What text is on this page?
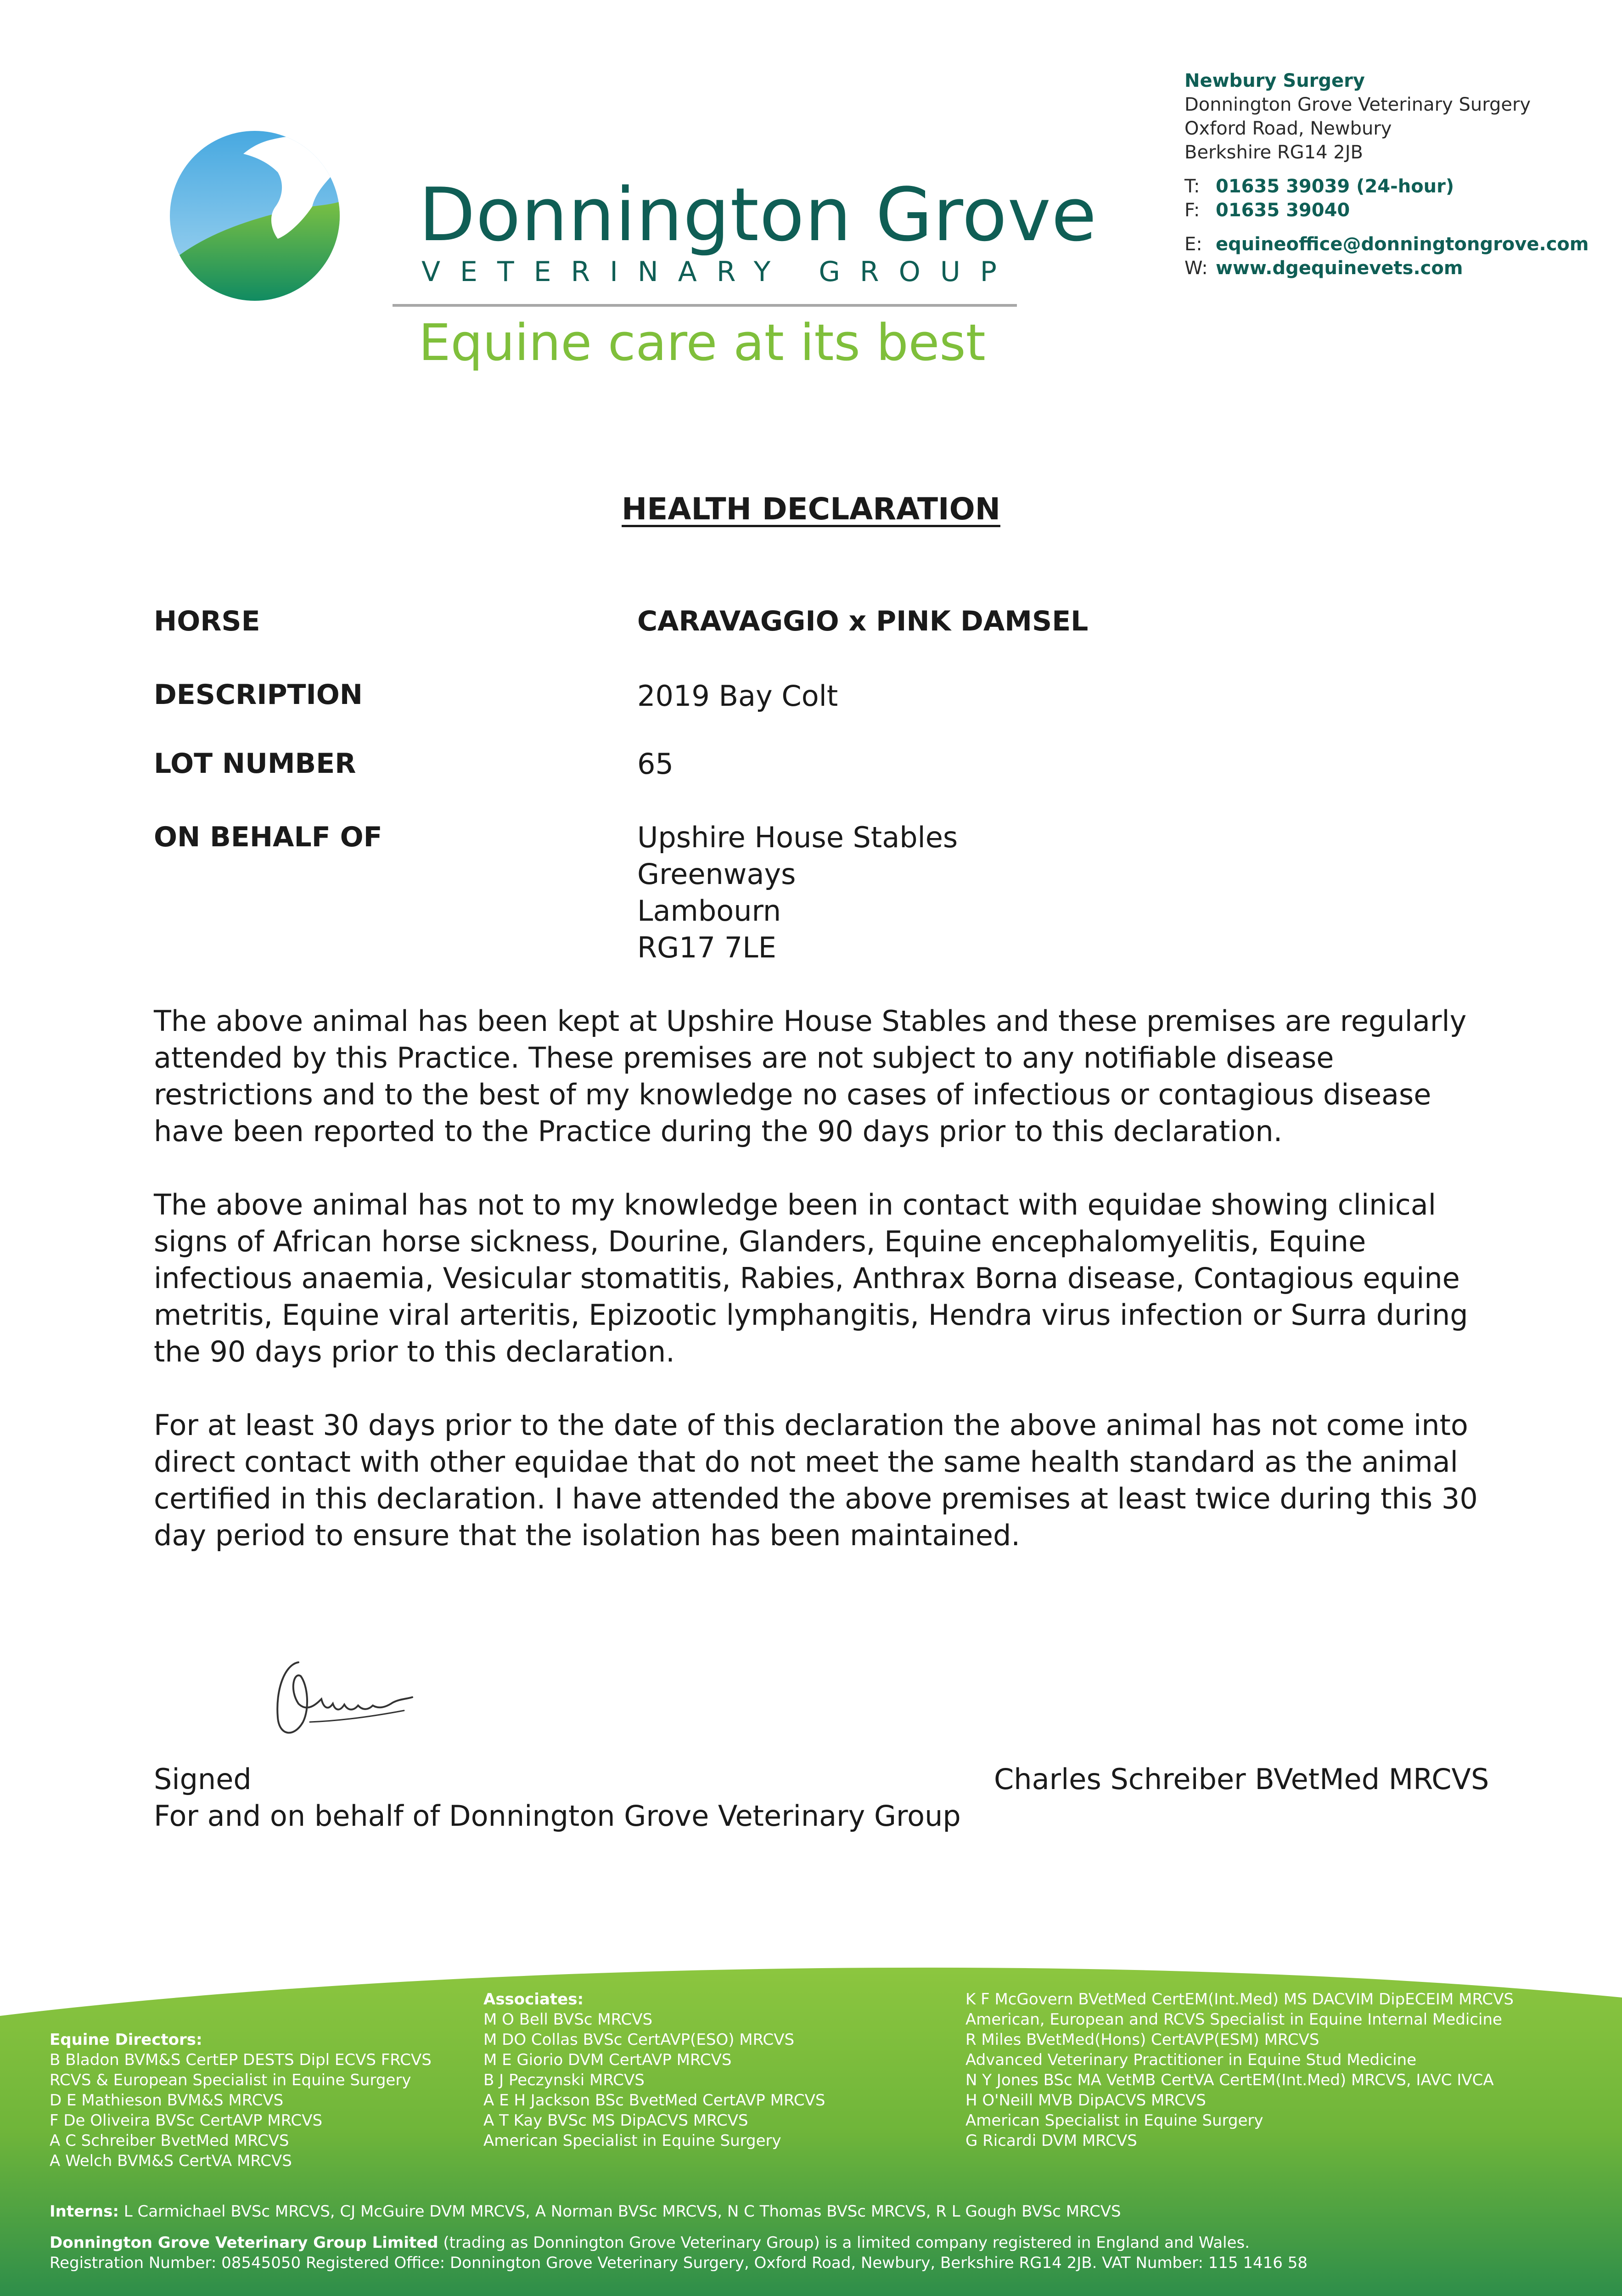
Donnington Grove
VETERINARY GROUP
Equine care at its best
Newbury Surgery
Donnington Grove Veterinary Surgery
Oxford Road, Newbury
Berkshire RG14 2JB
T: 01635 39039 (24-hour)
F: 01635 39040
E: equineoffice@donningtongrove.com
W: www.dgequinevets.com
HEALTH DECLARATION
HORSE	CARAVAGGIO x PINK DAMSEL
DESCRIPTION	2019 Bay Colt
LOT NUMBER	65
ON BEHALF OF	Upshire House Stables
Greenways
Lambourn
RG17 7LE
The above animal has been kept at Upshire House Stables and these premises are regularly attended by this Practice. These premises are not subject to any notifiable disease restrictions and to the best of my knowledge no cases of infectious or contagious disease have been reported to the Practice during the 90 days prior to this declaration.
The above animal has not to my knowledge been in contact with equidae showing clinical signs of African horse sickness, Dourine, Glanders, Equine encephalomyelitis, Equine infectious anaemia, Vesicular stomatitis, Rabies, Anthrax Borna disease, Contagious equine metritis, Equine viral arteritis, Epizootic lymphangitis, Hendra virus infection or Surra during the 90 days prior to this declaration.
For at least 30 days prior to the date of this declaration the above animal has not come into direct contact with other equidae that do not meet the same health standard as the animal certified in this declaration. I have attended the above premises at least twice during this 30 day period to ensure that the isolation has been maintained.
Signed
For and on behalf of Donnington Grove Veterinary Group
Charles Schreiber BVetMed MRCVS
Equine Directors:
B Bladon BVM&S CertEP DESTS Dipl ECVS FRCVS
RCVS & European Specialist in Equine Surgery
D E Mathieson BVM&S MRCVS
F De Oliveira BVSc CertAVP MRCVS
A C Schreiber BvetMed MRCVS
A Welch BVM&S CertVA MRCVS
Associates:
M O Bell BVSc MRCVS
M DO Collas BVSc CertAVP(ESO) MRCVS
M E Giorio DVM CertAVP MRCVS
B J Peczynski MRCVS
A E H Jackson BSc BvetMed CertAVP MRCVS
A T Kay BVSc MS DipACVS MRCVS
American Specialist in Equine Surgery
K F McGovern BVetMed CertEM(Int.Med) MS DACVIM DipECEIM MRCVS
American, European and RCVS Specialist in Equine Internal Medicine
R Miles BVetMed(Hons) CertAVP(ESM) MRCVS
Advanced Veterinary Practitioner in Equine Stud Medicine
N Y Jones BSc MA VetMB CertVA CertEM(Int.Med) MRCVS, IAVC IVCA
H O'Neill MVB DipACVS MRCVS
American Specialist in Equine Surgery
G Ricardi DVM MRCVS
Interns: L Carmichael BVSc MRCVS, CJ McGuire DVM MRCVS, A Norman BVSc MRCVS, N C Thomas BVSc MRCVS, R L Gough BVSc MRCVS
Donnington Grove Veterinary Group Limited (trading as Donnington Grove Veterinary Group) is a limited company registered in England and Wales.
Registration Number: 08545050 Registered Office: Donnington Grove Veterinary Surgery, Oxford Road, Newbury, Berkshire RG14 2JB. VAT Number: 115 1416 58
